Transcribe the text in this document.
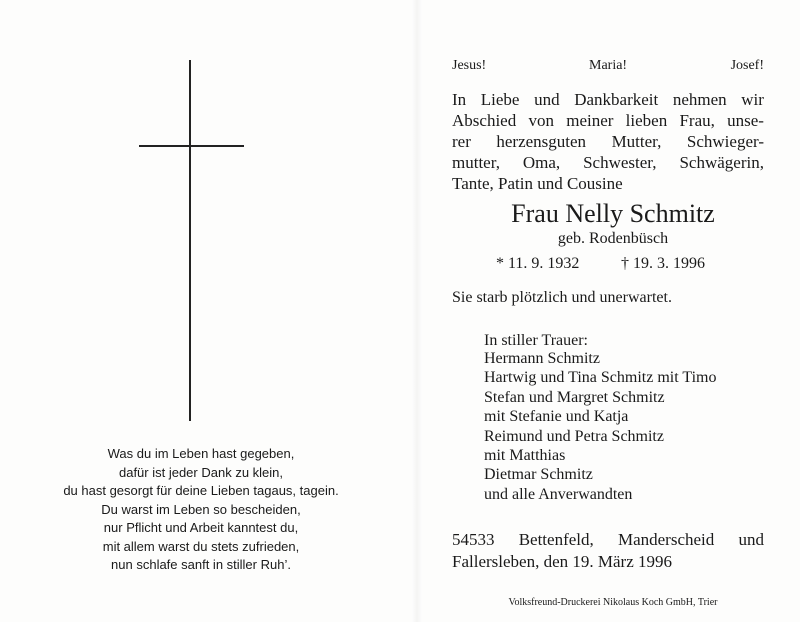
Was du im Leben hast gegeben,
dafür ist jeder Dank zu klein,
du hast gesorgt für deine Lieben tagaus, tagein.
Du warst im Leben so bescheiden,
nur Pflicht und Arbeit kanntest du,
mit allem warst du stets zufrieden,
nun schlafe sanft in stiller Ruh’.
Jesus!	Maria!	Josef!
In Liebe und Dankbarkeit nehmen wir
Abschied von meiner lieben Frau, unse-
rer herzensguten Mutter, Schwieger-
mutter, Oma, Schwester, Schwägerin,
Tante, Patin und Cousine
Frau Nelly Schmitz
geb. Rodenbüsch
* 11. 9. 1932	† 19. 3. 1996
Sie starb plötzlich und unerwartet.
In stiller Trauer:
Hermann Schmitz
Hartwig und Tina Schmitz mit Timo
Stefan und Margret Schmitz
mit Stefanie und Katja
Reimund und Petra Schmitz
mit Matthias
Dietmar Schmitz
und alle Anverwandten
54533 Bettenfeld, Manderscheid und
Fallersleben, den 19. März 1996
Volksfreund-Druckerei Nikolaus Koch GmbH, Trier
